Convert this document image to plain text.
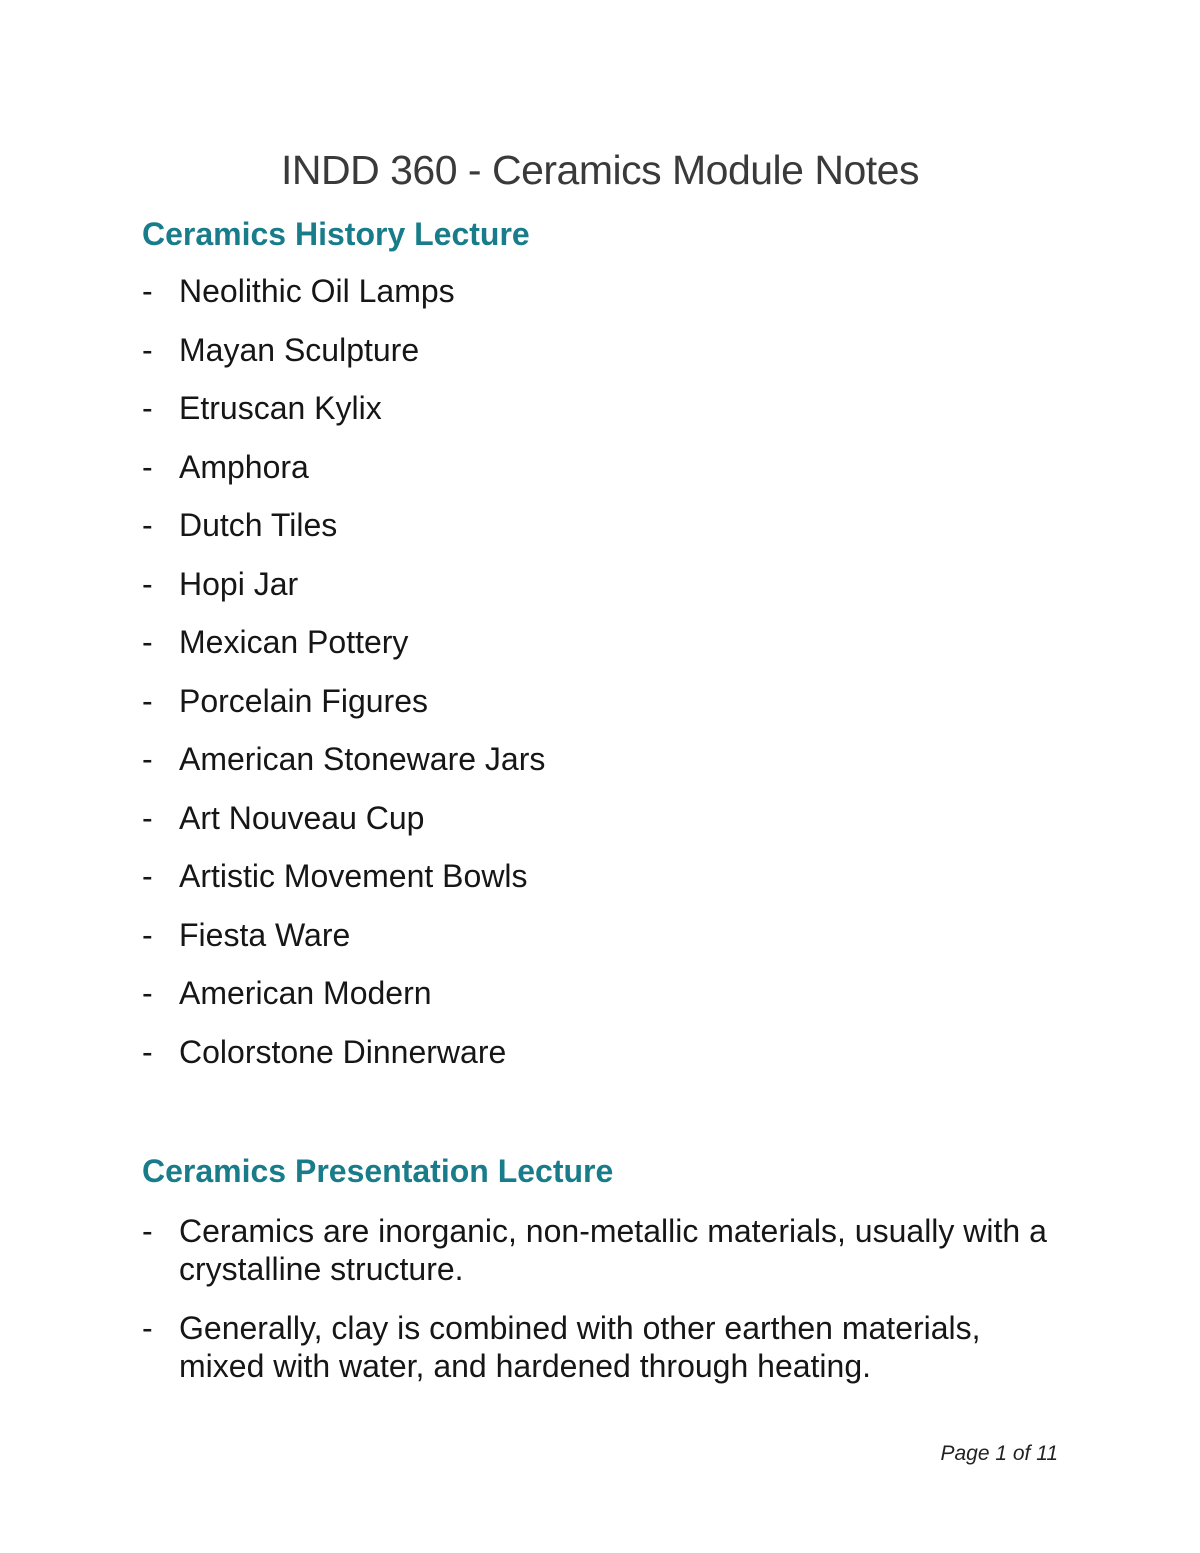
INDD 360 - Ceramics Module Notes
Ceramics History Lecture
- Neolithic Oil Lamps
- Mayan Sculpture
- Etruscan Kylix
- Amphora
- Dutch Tiles
- Hopi Jar
- Mexican Pottery
- Porcelain Figures
- American Stoneware Jars
- Art Nouveau Cup
- Artistic Movement Bowls
- Fiesta Ware
- American Modern
- Colorstone Dinnerware
Ceramics Presentation Lecture
- Ceramics are inorganic, non-metallic materials, usually with a crystalline structure.
- Generally, clay is combined with other earthen materials, mixed with water, and hardened through heating.
Page 1 of 11
